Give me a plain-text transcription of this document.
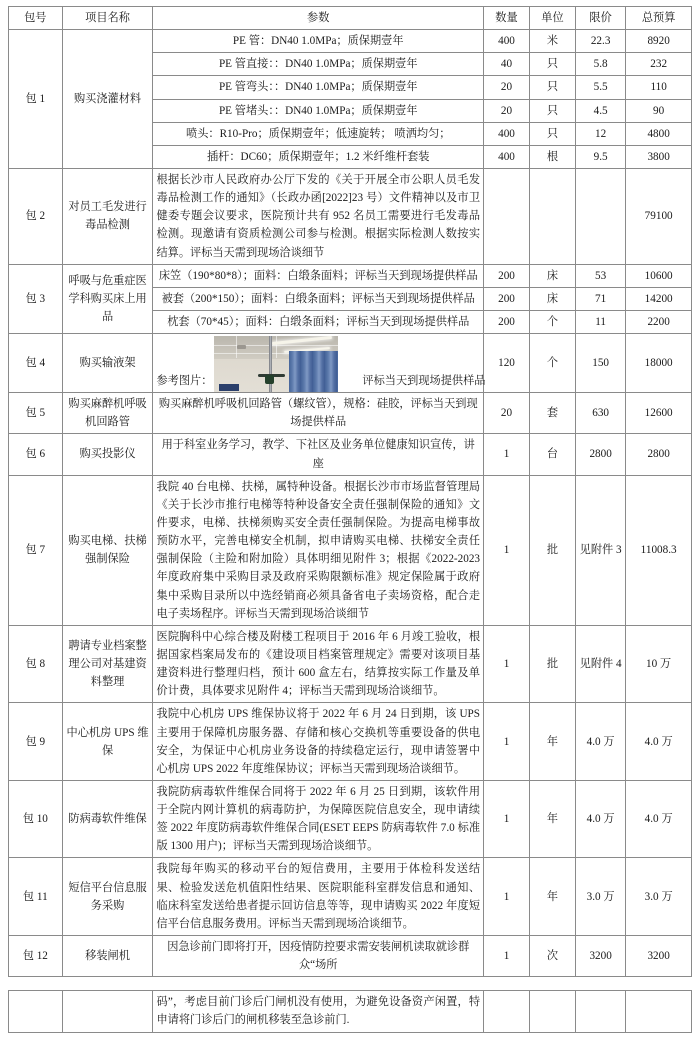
包号	项目名称	参数	数量	单位	限价	总预算
包 1	购买浇灌材料	PE 管：DN40 1.0MPa；质保期壹年	400	米	22.3	8920
		PE 管直接：：DN40 1.0MPa；质保期壹年	40	只	5.8	232
		PE 管弯头：：DN40 1.0MPa；质保期壹年	20	只	5.5	110
		PE 管堵头：：DN40 1.0MPa；质保期壹年	20	只	4.5	90
		喷头：R10-Pro；质保期壹年；低速旋转； 喷洒均匀；	400	只	12	4800
		插杆：DC60；质保期壹年；1.2 米纤维杆套装	400	根	9.5	3800
包 2	对员工毛发进行毒品检测	根据长沙市人民政府办公厅下发的《关于开展全市公职人员毛发毒品检测工作的通知》（长政办函[2022]23 号）文件精神以及市卫健委专题会议要求，医院预计共有 952 名员工需要进行毛发毒品检测。现邀请有资质检测公司参与检测。根据实际检测人数按实结算。评标当天需到现场洽谈细节				79100
包 3	呼吸与危重症医学科购买床上用品	床笠（190*80*8）；面料：白缎条面料；评标当天到现场提供样品	200	床	53	10600
		被套（200*150）；面料：白缎条面料；评标当天到现场提供样品	200	床	71	14200
		枕套（70*45）；面料：白缎条面料；评标当天到现场提供样品	200	个	11	2200
包 4	购买输液架	参考图片： 评标当天到现场提供样品	120	个	150	18000
包 5	购买麻醉机呼吸机回路管	购买麻醉机呼吸机回路管（螺纹管），规格：硅胶，评标当天到现场提供样品	20	套	630	12600
包 6	购买投影仪	用于科室业务学习，教学、下社区及业务单位健康知识宣传，讲座	1	台	2800	2800
包 7	购买电梯、扶梯强制保险	我院 40 台电梯、扶梯，属特种设备。根据长沙市市场监督管理局《关于长沙市推行电梯等特种设备安全责任强制保险的通知》文件要求，电梯、扶梯须购买安全责任强制保险。为提高电梯事故预防水平，完善电梯安全机制，拟申请购买电梯、扶梯安全责任强制保险（主险和附加险）具体明细见附件 3；根据《2022-2023 年度政府集中采购目录及政府采购限额标准》规定保险属于政府集中采购目录所以中选经销商必须具备省电子卖场资格，配合走电子卖场程序。评标当天需到现场洽谈细节	1	批	见附件 3	11008.3
包 8	聘请专业档案整理公司对基建资料整理	医院胸科中心综合楼及附楼工程项目于 2016 年 6 月竣工验收，根据国家档案局发布的《建设项目档案管理规定》需要对该项目基建资料进行整理归档，预计 600 盒左右，结算按实际工作量及单价计费，具体要求见附件 4；评标当天需到现场洽谈细节。	1	批	见附件 4	10 万
包 9	中心机房 UPS 维保	我院中心机房 UPS 维保协议将于 2022 年 6 月 24 日到期，该 UPS 主要用于保障机房服务器、存储和核心交换机等重要设备的供电安全，为保证中心机房业务设备的持续稳定运行，现申请签署中心机房 UPS 2022 年度维保协议；评标当天需到现场洽谈细节。	1	年	4.0 万	4.0 万
包 10	防病毒软件维保	我院防病毒软件维保合同将于 2022 年 6 月 25 日到期，该软件用于全院内网计算机的病毒防护，为保障医院信息安全，现申请续签 2022 年度防病毒软件维保合同(ESET EEPS 防病毒软件 7.0 标准版 1300 用户)；评标当天需到现场洽谈细节。	1	年	4.0 万	4.0 万
包 11	短信平台信息服务采购	我院每年购买的移动平台的短信费用，主要用于体检科发送结果、检验发送危机值阳性结果、医院职能科室群发信息和通知、临床科室发送给患者提示回访信息等等，现申请购买 2022 年度短信平台信息服务费用。评标当天需到现场洽谈细节。	1	年	3.0 万	3.0 万
包 12	移装闸机	因急诊前门即将打开，因疫情防控要求需安装闸机读取就诊群众“场所	1	次	3200	3200
		码”，考虑目前门诊后门闸机没有使用，为避免设备资产闲置，特申请将门诊后门的闸机移装至急诊前门.				
